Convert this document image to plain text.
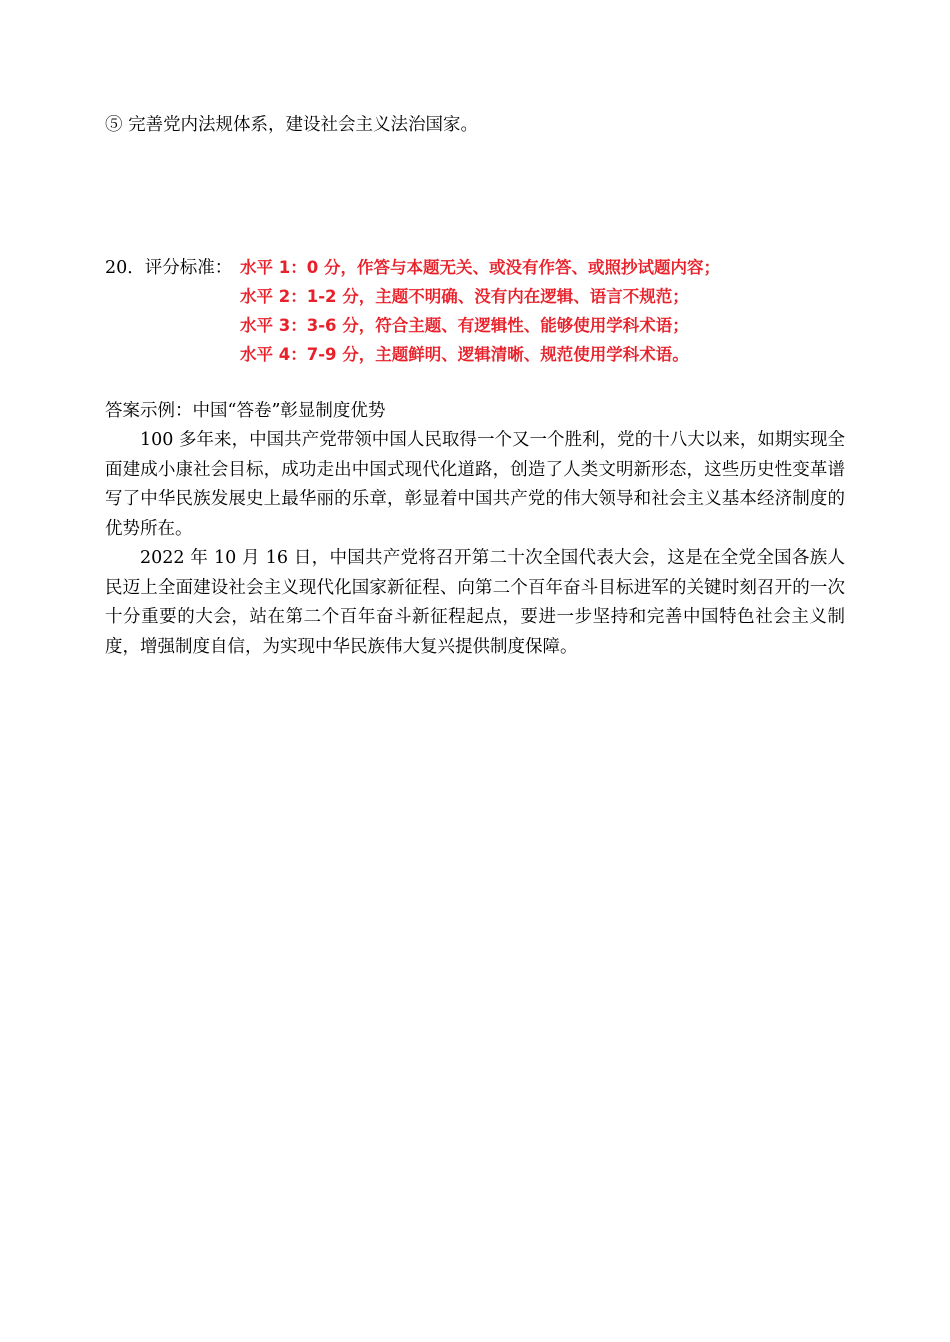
⑤ 完善党内法规体系，建设社会主义法治国家。
20．评分标准： 水平 1：0 分，作答与本题无关、或没有作答、或照抄试题内容；
水平 2：1-2 分，主题不明确、没有内在逻辑、语言不规范；
水平 3：3-6 分，符合主题、有逻辑性、能够使用学科术语；
水平 4：7-9 分，主题鲜明、逻辑清晰、规范使用学科术语。
答案示例：中国“答卷”彰显制度优势
100 多年来，中国共产党带领中国人民取得一个又一个胜利，党的十八大以来，如期实现全面建成小康社会目标，成功走出中国式现代化道路，创造了人类文明新形态，这些历史性变革谱写了中华民族发展史上最华丽的乐章，彰显着中国共产党的伟大领导和社会主义基本经济制度的优势所在。
2022 年 10 月 16 日，中国共产党将召开第二十次全国代表大会，这是在全党全国各族人民迈上全面建设社会主义现代化国家新征程、向第二个百年奋斗目标进军的关键时刻召开的一次十分重要的大会，站在第二个百年奋斗新征程起点，要进一步坚持和完善中国特色社会主义制度，增强制度自信，为实现中华民族伟大复兴提供制度保障。
